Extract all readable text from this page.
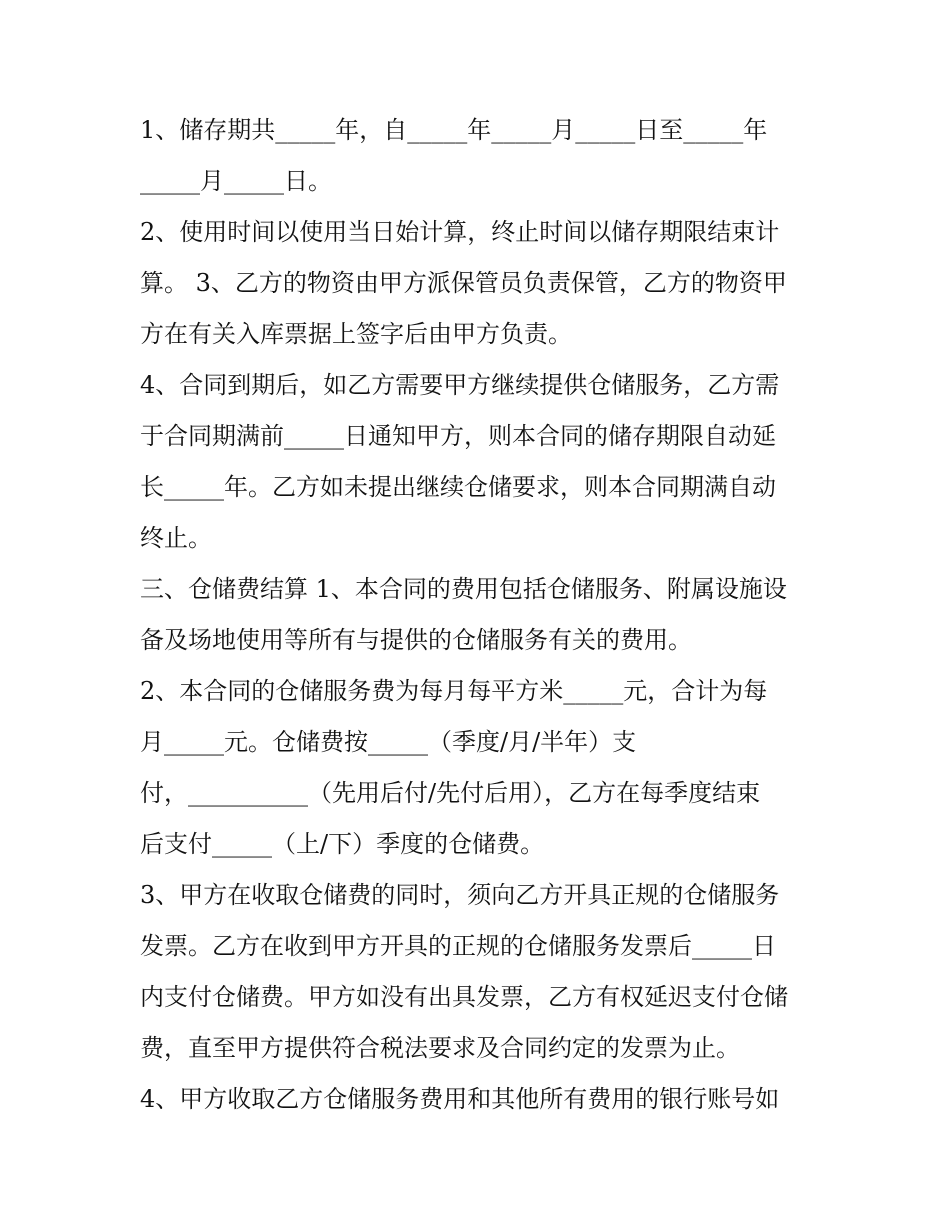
1、储存期共_____年，自_____年_____月_____日至_____年

_____月_____日。

2、使用时间以使用当日始计算，终止时间以储存期限结束计

算。 3、乙方的物资由甲方派保管员负责保管，乙方的物资甲

方在有关入库票据上签字后由甲方负责。

4、合同到期后，如乙方需要甲方继续提供仓储服务，乙方需

于合同期满前_____日通知甲方，则本合同的储存期限自动延

长_____年。乙方如未提出继续仓储要求，则本合同期满自动

终止。

三、仓储费结算 1、本合同的费用包括仓储服务、附属设施设

备及场地使用等所有与提供的仓储服务有关的费用。

2、本合同的仓储服务费为每月每平方米_____元，合计为每

月_____元。仓储费按_____（季度/月/半年）支

付，__________（先用后付/先付后用），乙方在每季度结束

后支付_____（上/下）季度的仓储费。

3、甲方在收取仓储费的同时，须向乙方开具正规的仓储服务

发票。乙方在收到甲方开具的正规的仓储服务发票后_____日

内支付仓储费。甲方如没有出具发票，乙方有权延迟支付仓储

费，直至甲方提供符合税法要求及合同约定的发票为止。

4、甲方收取乙方仓储服务费用和其他所有费用的银行账号如
